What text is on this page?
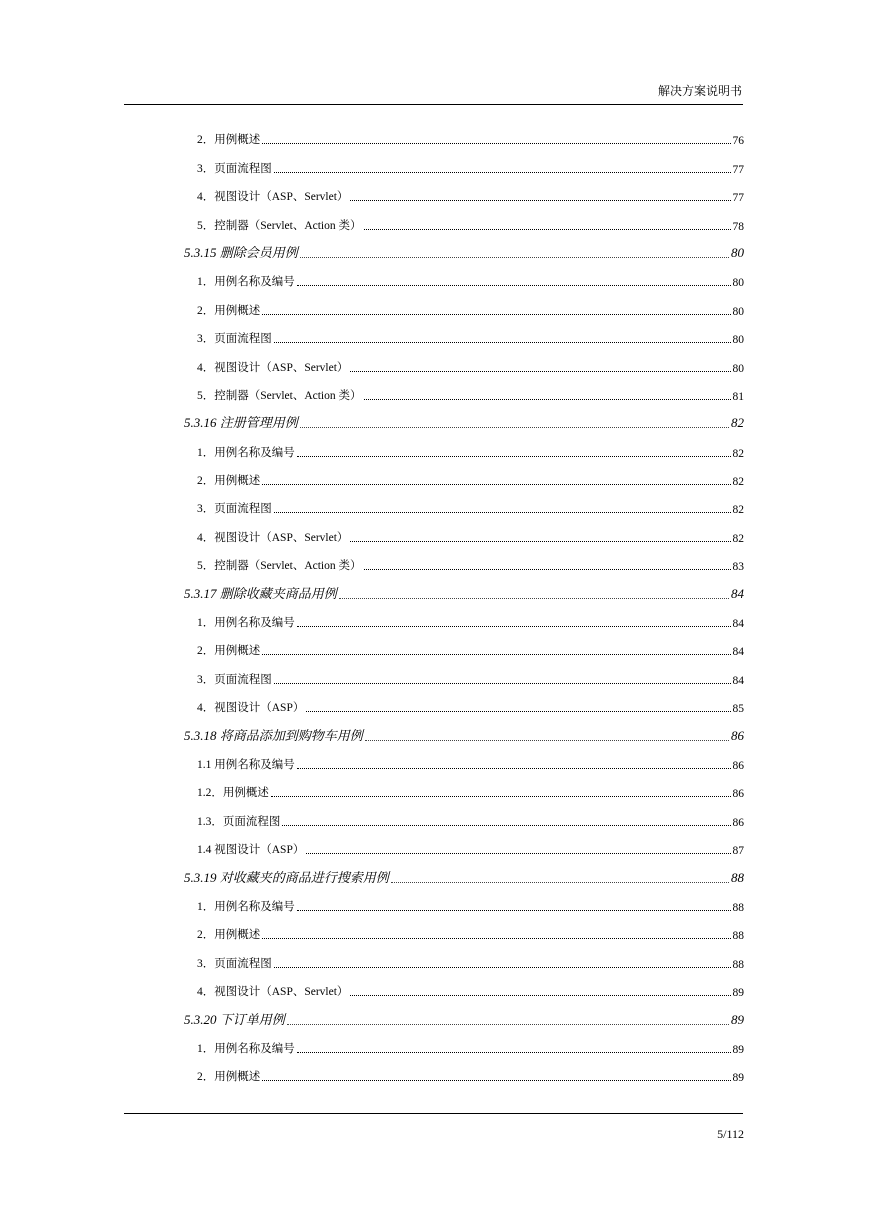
解决方案说明书
2．用例概述	76
3．页面流程图	77
4．视图设计（ASP、Servlet）	77
5．控制器（Servlet、Action 类）	78
5.3.15 删除会员用例	80
1．用例名称及编号	80
2．用例概述	80
3．页面流程图	80
4．视图设计（ASP、Servlet）	80
5．控制器（Servlet、Action 类）	81
5.3.16 注册管理用例	82
1．用例名称及编号	82
2．用例概述	82
3．页面流程图	82
4．视图设计（ASP、Servlet）	82
5．控制器（Servlet、Action 类）	83
5.3.17 删除收藏夹商品用例	84
1．用例名称及编号	84
2．用例概述	84
3．页面流程图	84
4．视图设计（ASP）	85
5.3.18 将商品添加到购物车用例	86
1.1 用例名称及编号	86
1.2．用例概述	86
1.3．页面流程图	86
1.4 视图设计（ASP）	87
5.3.19 对收藏夹的商品进行搜索用例	88
1．用例名称及编号	88
2．用例概述	88
3．页面流程图	88
4．视图设计（ASP、Servlet）	89
5.3.20 下订单用例	89
1．用例名称及编号	89
2．用例概述	89
5/112
